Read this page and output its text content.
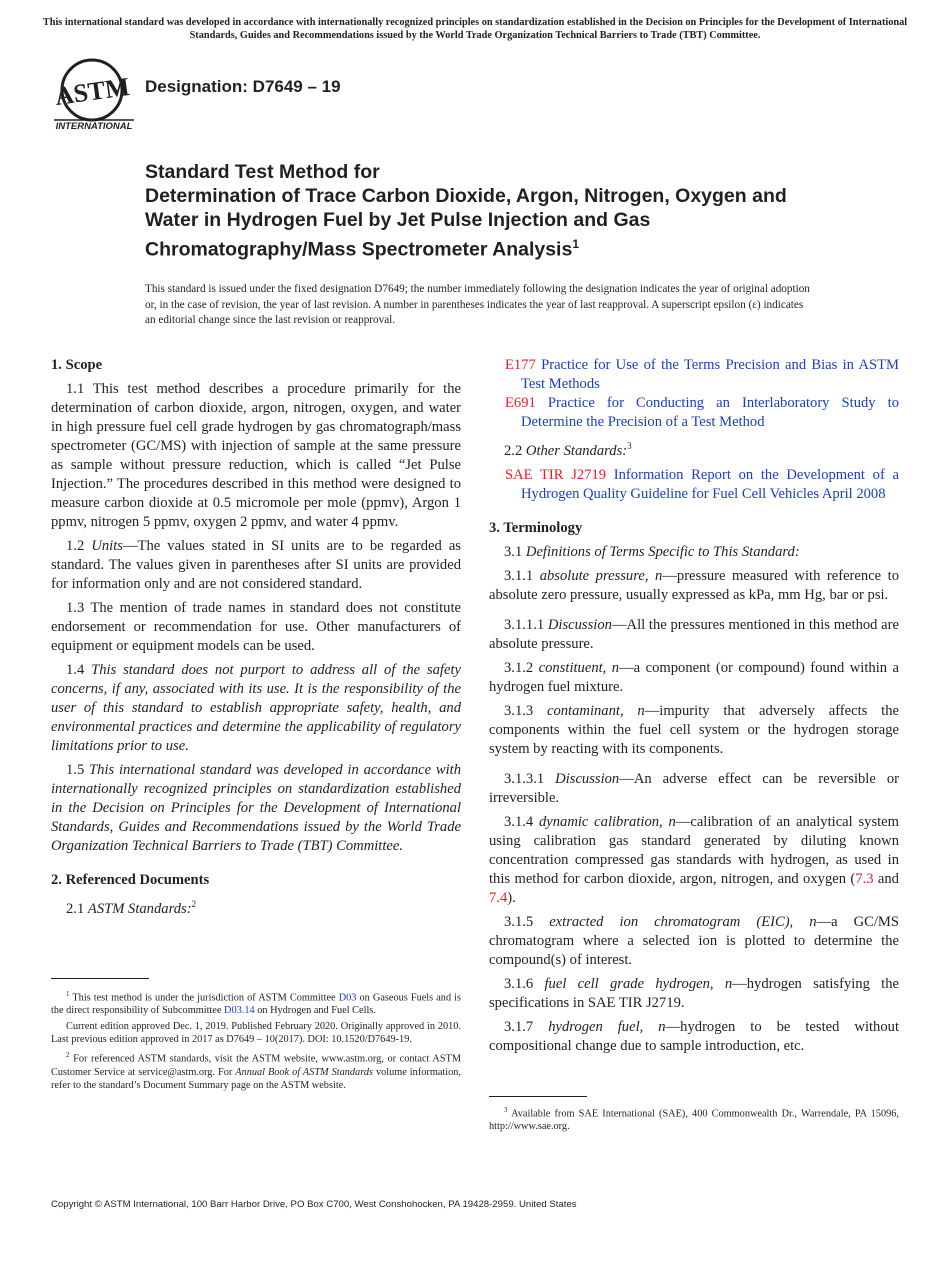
This international standard was developed in accordance with internationally recognized principles on standardization established in the Decision on Principles for the Development of International Standards, Guides and Recommendations issued by the World Trade Organization Technical Barriers to Trade (TBT) Committee.
ASTM
INTERNATIONAL
Designation: D7649 – 19
Standard Test Method for
Determination of Trace Carbon Dioxide, Argon, Nitrogen, Oxygen and Water in Hydrogen Fuel by Jet Pulse Injection and Gas Chromatography/Mass Spectrometer Analysis$^1$
This standard is issued under the fixed designation D7649; the number immediately following the designation indicates the year of original adoption or, in the case of revision, the year of last revision. A number in parentheses indicates the year of last reapproval. A superscript epsilon (ε) indicates an editorial change since the last revision or reapproval.
1. Scope

1.1 This test method describes a procedure primarily for the determination of carbon dioxide, argon, nitrogen, oxygen, and water in high pressure fuel cell grade hydrogen by gas chromatograph/mass spectrometer (GC/MS) with injection of sample at the same pressure as sample without pressure reduction, which is called “Jet Pulse Injection.” The procedures described in this method were designed to measure carbon dioxide at 0.5 micromole per mole (ppmv), Argon 1 ppmv, nitrogen 5 ppmv, oxygen 2 ppmv, and water 4 ppmv.

1.2 Units—The values stated in SI units are to be regarded as standard. The values given in parentheses after SI units are provided for information only and are not considered standard.

1.3 The mention of trade names in standard does not constitute endorsement or recommendation for use. Other manufacturers of equipment or equipment models can be used.

1.4 This standard does not purport to address all of the safety concerns, if any, associated with its use. It is the responsibility of the user of this standard to establish appropriate safety, health, and environmental practices and determine the applicability of regulatory limitations prior to use.

1.5 This international standard was developed in accordance with internationally recognized principles on standardization established in the Decision on Principles for the Development of International Standards, Guides and Recommendations issued by the World Trade Organization Technical Barriers to Trade (TBT) Committee.

2. Referenced Documents

2.1 ASTM Standards:$^2$

$^1$ This test method is under the jurisdiction of ASTM Committee D03 on Gaseous Fuels and is the direct responsibility of Subcommittee D03.14 on Hydrogen and Fuel Cells.

Current edition approved Dec. 1, 2019. Published February 2020. Originally approved in 2010. Last previous edition approved in 2017 as D7649 – 10(2017). DOI: 10.1520/D7649-19.

$^2$ For referenced ASTM standards, visit the ASTM website, www.astm.org, or contact ASTM Customer Service at service@astm.org. For Annual Book of ASTM Standards volume information, refer to the standard’s Document Summary page on the ASTM website.

E177 Practice for Use of the Terms Precision and Bias in ASTM Test Methods

E691 Practice for Conducting an Interlaboratory Study to Determine the Precision of a Test Method

2.2 Other Standards:$^3$

SAE TIR J2719 Information Report on the Development of a Hydrogen Quality Guideline for Fuel Cell Vehicles April 2008

3. Terminology

3.1 Definitions of Terms Specific to This Standard:

3.1.1 absolute pressure, n—pressure measured with reference to absolute zero pressure, usually expressed as kPa, mm Hg, bar or psi.

3.1.1.1 Discussion—All the pressures mentioned in this method are absolute pressure.

3.1.2 constituent, n—a component (or compound) found within a hydrogen fuel mixture.

3.1.3 contaminant, n—impurity that adversely affects the components within the fuel cell system or the hydrogen storage system by reacting with its components.

3.1.3.1 Discussion—An adverse effect can be reversible or irreversible.

3.1.4 dynamic calibration, n—calibration of an analytical system using calibration gas standard generated by diluting known concentration compressed gas standards with hydrogen, as used in this method for carbon dioxide, argon, nitrogen, and oxygen (7.3 and 7.4).

3.1.5 extracted ion chromatogram (EIC), n—a GC/MS chromatogram where a selected ion is plotted to determine the compound(s) of interest.

3.1.6 fuel cell grade hydrogen, n—hydrogen satisfying the specifications in SAE TIR J2719.

3.1.7 hydrogen fuel, n—hydrogen to be tested without compositional change due to sample introduction, etc.

$^3$ Available from SAE International (SAE), 400 Commonwealth Dr., Warrendale, PA 15096, http://www.sae.org.

Copyright © ASTM International, 100 Barr Harbor Drive, PO Box C700, West Conshohocken, PA 19428-2959. United States
